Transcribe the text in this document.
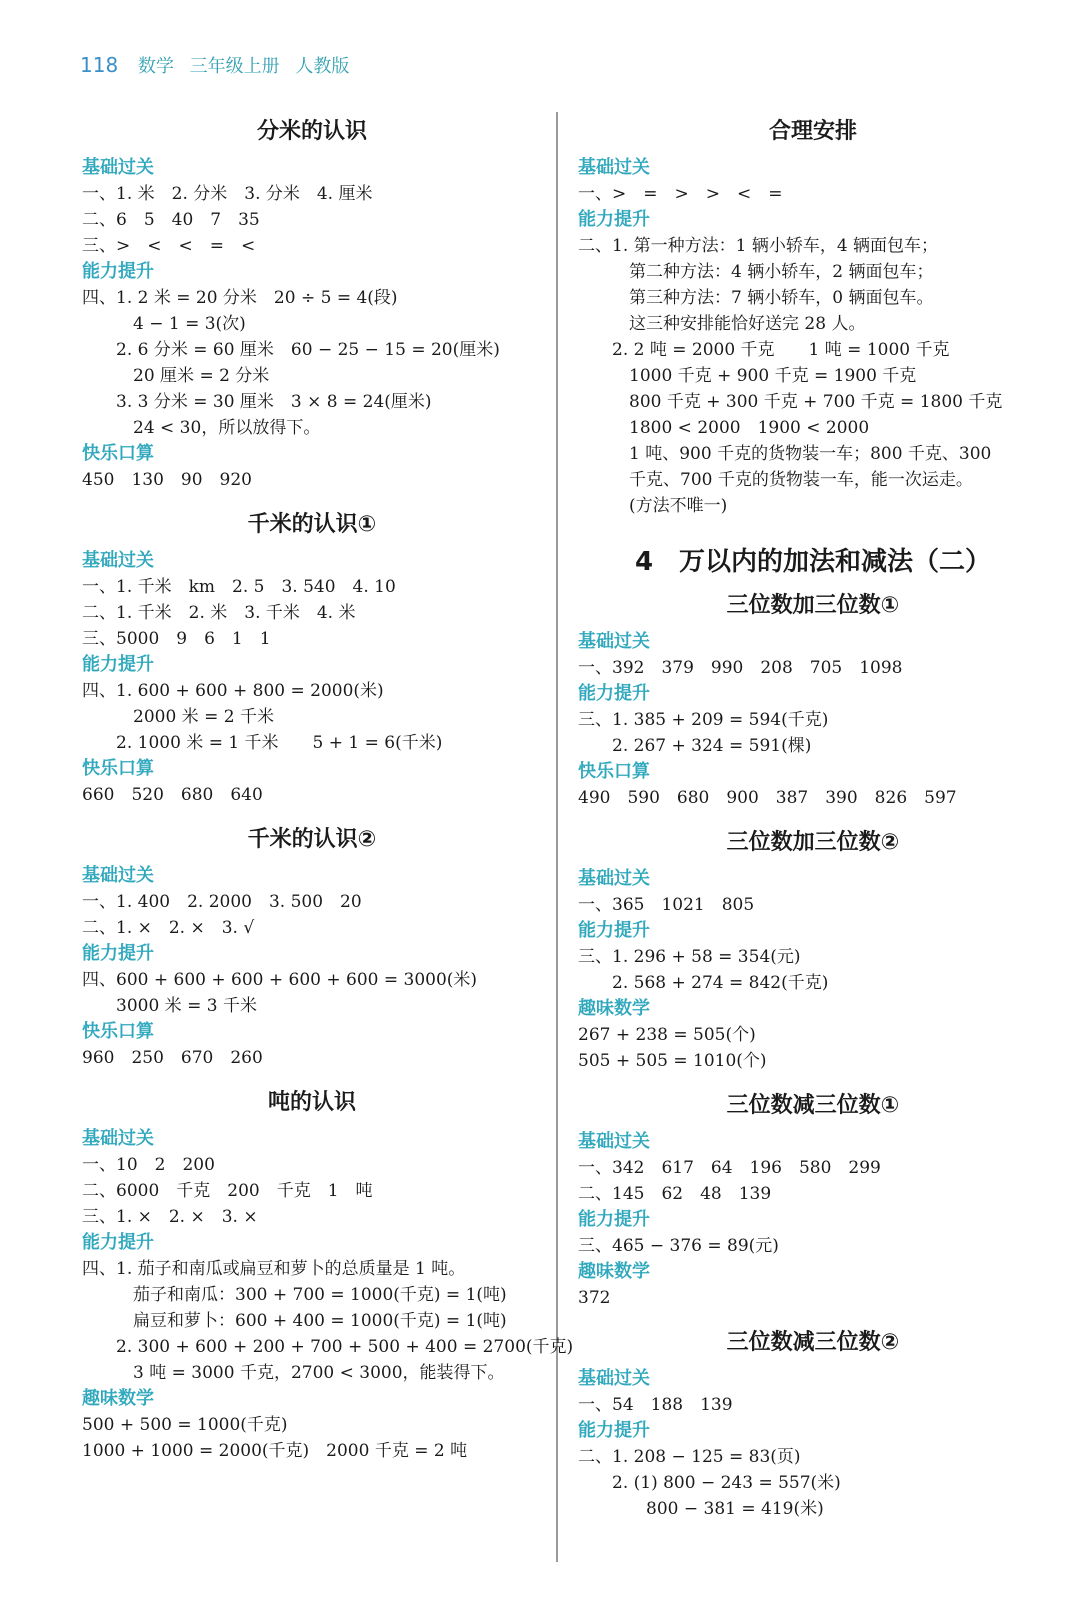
118 数学 三年级上册 人教版
分米的认识
基础过关
一、1. 米　2. 分米　3. 分米　4. 厘米
二、6　5　40　7　35
三、>　<　<　=　<
能力提升
四、1. 2 米 = 20 分米　20 ÷ 5 = 4(段)
　　　4 − 1 = 3(次)
　　2. 6 分米 = 60 厘米　60 − 25 − 15 = 20(厘米)
　　　20 厘米 = 2 分米
　　3. 3 分米 = 30 厘米　3 × 8 = 24(厘米)
　　　24 < 30，所以放得下。
快乐口算
450　130　90　920
千米的认识①
基础过关
一、1. 千米　km　2. 5　3. 540　4. 10
二、1. 千米　2. 米　3. 千米　4. 米
三、5000　9　6　1　1
能力提升
四、1. 600 + 600 + 800 = 2000(米)
　　　2000 米 = 2 千米
　　2. 1000 米 = 1 千米　　5 + 1 = 6(千米)
快乐口算
660　520　680　640
千米的认识②
基础过关
一、1. 400　2. 2000　3. 500　20
二、1. ×　2. ×　3. √
能力提升
四、600 + 600 + 600 + 600 + 600 = 3000(米)
　　3000 米 = 3 千米
快乐口算
960　250　670　260
吨的认识
基础过关
一、10　2　200
二、6000　千克　200　千克　1　吨
三、1. ×　2. ×　3. ×
能力提升
四、1. 茄子和南瓜或扁豆和萝卜的总质量是 1 吨。
　　　茄子和南瓜：300 + 700 = 1000(千克) = 1(吨)
　　　扁豆和萝卜：600 + 400 = 1000(千克) = 1(吨)
　　2. 300 + 600 + 200 + 700 + 500 + 400 = 2700(千克)
　　　3 吨 = 3000 千克，2700 < 3000，能装得下。
趣味数学
500 + 500 = 1000(千克)
1000 + 1000 = 2000(千克)　2000 千克 = 2 吨
合理安排
基础过关
一、>　=　>　>　<　=
能力提升
二、1. 第一种方法：1 辆小轿车，4 辆面包车；
　　　第二种方法：4 辆小轿车，2 辆面包车；
　　　第三种方法：7 辆小轿车，0 辆面包车。
　　　这三种安排能恰好送完 28 人。
　　2. 2 吨 = 2000 千克　　1 吨 = 1000 千克
　　　1000 千克 + 900 千克 = 1900 千克
　　　800 千克 + 300 千克 + 700 千克 = 1800 千克
　　　1800 < 2000　1900 < 2000
　　　1 吨、900 千克的货物装一车；800 千克、300
　　　千克、700 千克的货物装一车，能一次运走。
　　　(方法不唯一)
4　万以内的加法和减法（二）
三位数加三位数①
基础过关
一、392　379　990　208　705　1098
能力提升
三、1. 385 + 209 = 594(千克)
　　2. 267 + 324 = 591(棵)
快乐口算
490　590　680　900　387　390　826　597
三位数加三位数②
基础过关
一、365　1021　805
能力提升
三、1. 296 + 58 = 354(元)
　　2. 568 + 274 = 842(千克)
趣味数学
267 + 238 = 505(个)
505 + 505 = 1010(个)
三位数减三位数①
基础过关
一、342　617　64　196　580　299
二、145　62　48　139
能力提升
三、465 − 376 = 89(元)
趣味数学
372
三位数减三位数②
基础过关
一、54　188　139
能力提升
二、1. 208 − 125 = 83(页)
　　2. (1) 800 − 243 = 557(米)
　　　　800 − 381 = 419(米)
